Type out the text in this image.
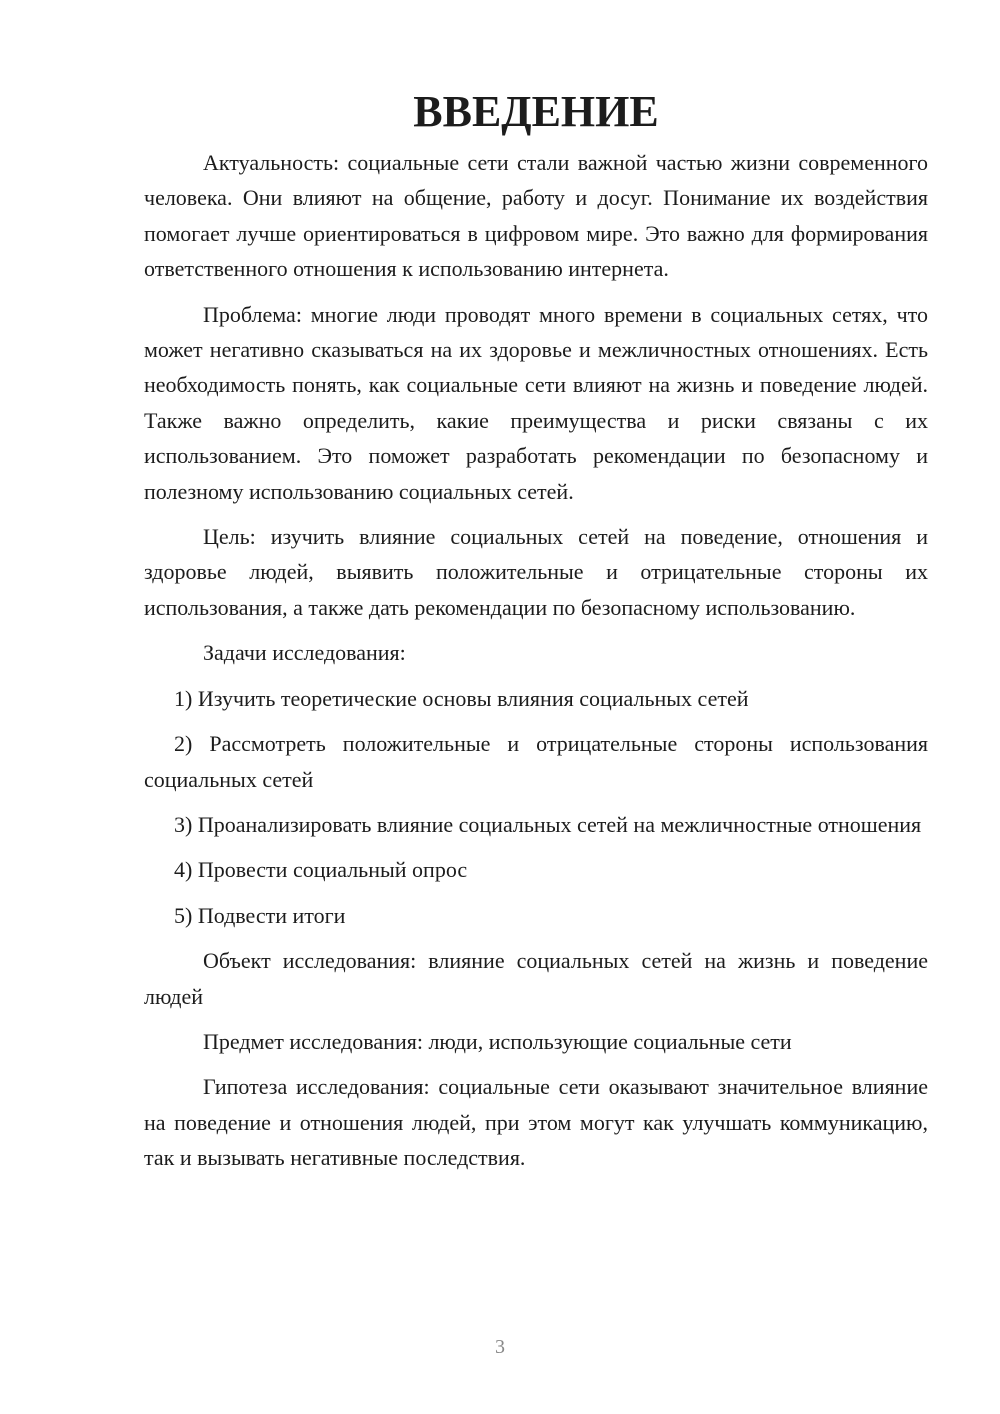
ВВЕДЕНИЕ

Актуальность: социальные сети стали важной частью жизни современного человека. Они влияют на общение, работу и досуг. Понимание их воздействия помогает лучше ориентироваться в цифровом мире. Это важно для формирования ответственного отношения к использованию интернета.

Проблема: многие люди проводят много времени в социальных сетях, что может негативно сказываться на их здоровье и межличностных отношениях. Есть необходимость понять, как социальные сети влияют на жизнь и поведение людей. Также важно определить, какие преимущества и риски связаны с их использованием. Это поможет разработать рекомендации по безопасному и полезному использованию социальных сетей.

Цель: изучить влияние социальных сетей на поведение, отношения и здоровье людей, выявить положительные и отрицательные стороны их использования, а также дать рекомендации по безопасному использованию.

Задачи исследования:

1) Изучить теоретические основы влияния социальных сетей

2) Рассмотреть положительные и отрицательные стороны использования социальных сетей

3) Проанализировать влияние социальных сетей на межличностные отношения

4) Провести социальный опрос

5) Подвести итоги

Объект исследования: влияние социальных сетей на жизнь и поведение людей

Предмет исследования: люди, использующие социальные сети

Гипотеза исследования: социальные сети оказывают значительное влияние на поведение и отношения людей, при этом могут как улучшать коммуникацию, так и вызывать негативные последствия.

3
